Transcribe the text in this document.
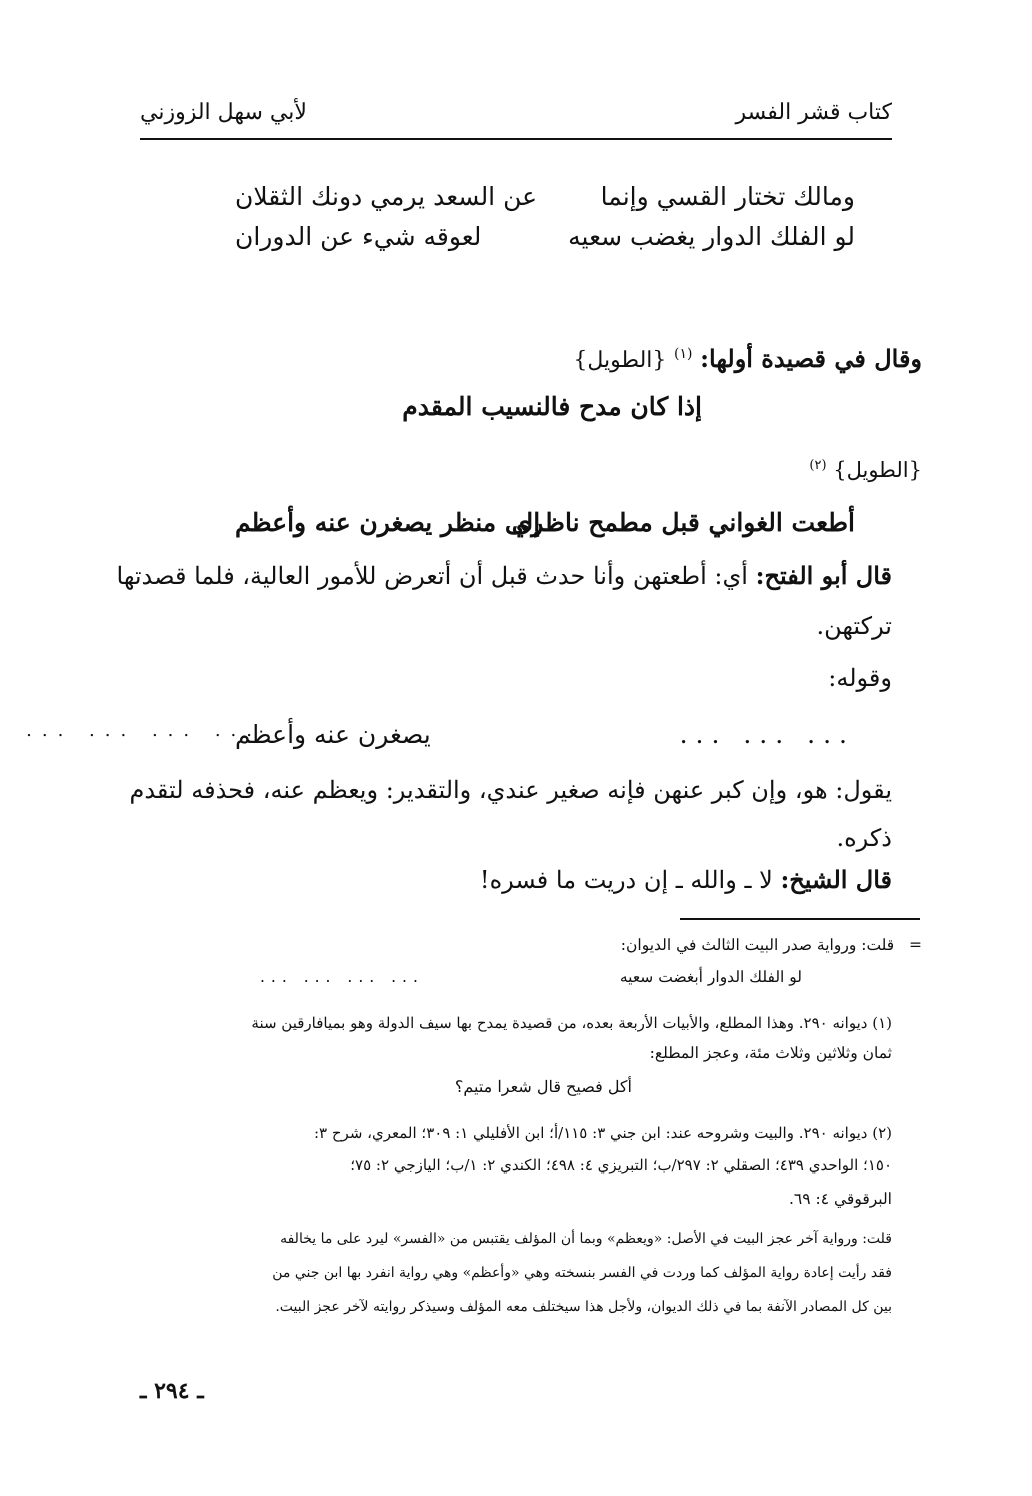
كتاب قشر الفسر
لأبي سهل الزوزني
ومالك تختار القسي وإنما
عن السعد يرمي دونك الثقلان
لو الفلك الدوار يغضب سعيه
لعوقه شيء عن الدوران
وقال في قصيدة أولها: $^{(١)}$ {الطويل}
إذا كان مدح فالنسيب المقدم
{الطويل} $^{(٢)}$
أطعت الغواني قبل مطمح ناظري
إلى منظر يصغرن عنه وأعظم
قال أبو الفتح: أي: أطعتهن وأنا حدث قبل أن أتعرض للأمور العالية، فلما قصدتها
تركتهن.
وقوله:
... ... ...
يصغرن عنه وأعظم
... ... ... ...
يقول: هو، وإن كبر عنهن فإنه صغير عندي، والتقدير: ويعظم عنه، فحذفه لتقدم
ذكره.
قال الشيخ: لا ـ والله ـ إن دريت ما فسره!
=   قلت: ورواية صدر البيت الثالث في الديوان:
لو الفلك الدوار أبغضت سعيه
... ... ... ...
(١) ديوانه ٢٩٠. وهذا المطلع، والأبيات الأربعة بعده، من قصيدة يمدح بها سيف الدولة وهو بميافارقين سنة
ثمان وثلاثين وثلاث مئة، وعجز المطلع:
أكل فصيح قال شعرا متيم؟
(٢) ديوانه ٢٩٠. والبيت وشروحه عند: ابن جني ٣: ١١٥/أ؛ ابن الأفليلي ١: ٣٠٩؛ المعري، شرح ٣:
١٥٠؛ الواحدي ٤٣٩؛ الصقلي ٢: ٢٩٧/ب؛ التبريزي ٤: ٤٩٨؛ الكندي ٢: ١/ب؛ اليازجي ٢: ٧٥؛
البرقوقي ٤: ٦٩.
قلت: ورواية آخر عجز البيت في الأصل: «ويعظم» وبما أن المؤلف يقتبس من «الفسر» ليرد على ما يخالفه
فقد رأيت إعادة رواية المؤلف كما وردت في الفسر بنسخته وهي «وأعظم» وهي رواية انفرد بها ابن جني من
بين كل المصادر الآنفة بما في ذلك الديوان، ولأجل هذا سيختلف معه المؤلف وسيذكر روايته لآخر عجز البيت.
ـ ٢٩٤ ـ
